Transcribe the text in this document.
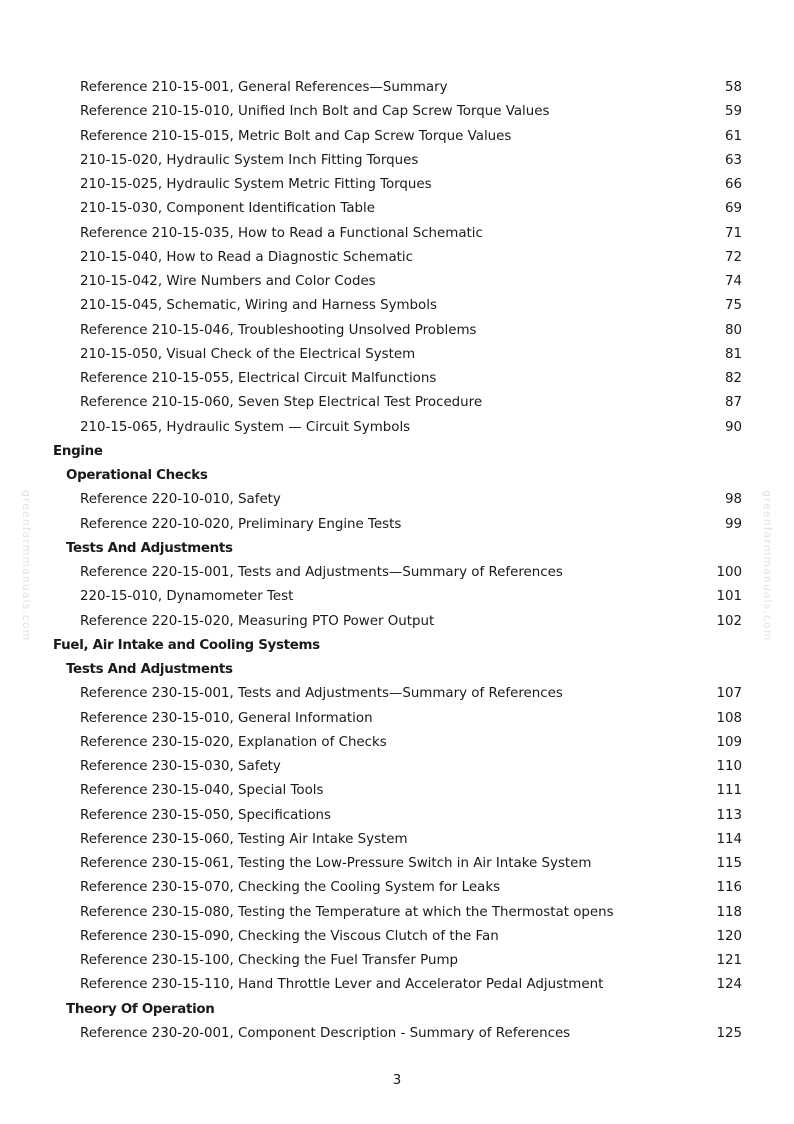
Reference 210-15-001, General References—Summary	58
Reference 210-15-010, Unified Inch Bolt and Cap Screw Torque Values	59
Reference 210-15-015, Metric Bolt and Cap Screw Torque Values	61
210-15-020, Hydraulic System Inch Fitting Torques	63
210-15-025, Hydraulic System Metric Fitting Torques	66
210-15-030, Component Identification Table	69
Reference 210-15-035, How to Read a Functional Schematic	71
210-15-040, How to Read a Diagnostic Schematic	72
210-15-042, Wire Numbers and Color Codes	74
210-15-045, Schematic, Wiring and Harness Symbols	75
Reference 210-15-046, Troubleshooting Unsolved Problems	80
210-15-050, Visual Check of the Electrical System	81
Reference 210-15-055, Electrical Circuit Malfunctions	82
Reference 210-15-060, Seven Step Electrical Test Procedure	87
210-15-065, Hydraulic System — Circuit Symbols	90
Engine
Operational Checks
Reference 220-10-010, Safety	98
Reference 220-10-020, Preliminary Engine Tests	99
Tests And Adjustments
Reference 220-15-001, Tests and Adjustments—Summary of References	100
220-15-010, Dynamometer Test	101
Reference 220-15-020, Measuring PTO Power Output	102
Fuel, Air Intake and Cooling Systems
Tests And Adjustments
Reference 230-15-001, Tests and Adjustments—Summary of References	107
Reference 230-15-010, General Information	108
Reference 230-15-020, Explanation of Checks	109
Reference 230-15-030, Safety	110
Reference 230-15-040, Special Tools	111
Reference 230-15-050, Specifications	113
Reference 230-15-060, Testing Air Intake System	114
Reference 230-15-061, Testing the Low-Pressure Switch in Air Intake System	115
Reference 230-15-070, Checking the Cooling System for Leaks	116
Reference 230-15-080, Testing the Temperature at which the Thermostat opens	118
Reference 230-15-090, Checking the Viscous Clutch of the Fan	120
Reference 230-15-100, Checking the Fuel Transfer Pump	121
Reference 230-15-110, Hand Throttle Lever and Accelerator Pedal Adjustment	124
Theory Of Operation
Reference 230-20-001, Component Description - Summary of References	125
greenfarmmanuals.com	greenfarmmanuals.com
3
